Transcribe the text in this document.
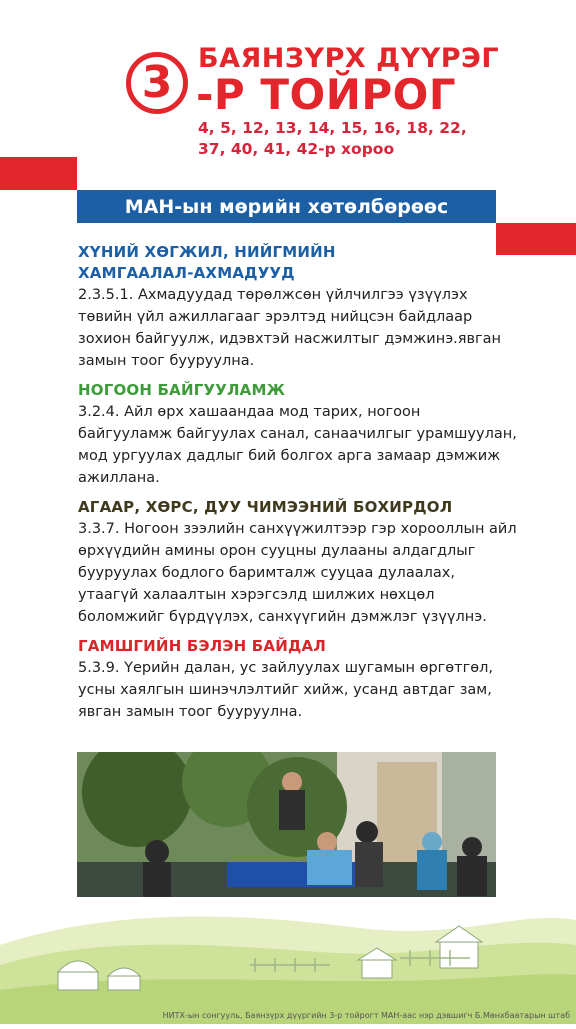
3 БАЯНЗҮРХ ДҮҮРЭГ
-Р ТОЙРОГ
4, 5, 12, 13, 14, 15, 16, 18, 22,
37, 40, 41, 42-р хороо
МАН-ын мөрийн хөтөлбөрөөс
ХҮНИЙ ХӨГЖИЛ, НИЙГМИЙН
ХАМГААЛАЛ-АХМАДУУД
2.3.5.1. Ахмадуудад төрөлжсөн үйлчилгээ үзүүлэх төвийн үйл ажиллагааг эрэлтэд нийцсэн байдлаар зохион байгуулж, идэвхтэй насжилтыг дэмжинэ.явган замын тоог бууруулна.
НОГООН БАЙГУУЛАМЖ
3.2.4. Айл өрх хашаандаа мод тарих, ногоон байгууламж байгуулах санал, санаачилгыг урамшуулан, мод ургуулах дадлыг бий болгох арга замаар дэмжиж ажиллана.
АГААР, ХӨРС, ДУУ ЧИМЭЭНИЙ БОХИРДОЛ
3.3.7. Ногоон зээлийн санхүүжилтээр гэр хорооллын айл өрхүүдийн амины орон сууцны дулааны алдагдлыг бууруулах бодлого баримталж сууцаа дулаалах, утаагүй халаалтын хэрэгсэлд шилжих нөхцөл боломжийг бүрдүүлэх, санхүүгийн дэмжлэг үзүүлнэ.
ГАМШГИЙН БЭЛЭН БАЙДАЛ
5.3.9. Үерийн далан, ус зайлуулах шугамын өргөтгөл, усны хаялгын шинэчлэлтийг хийж, усанд автдаг зам, явган замын тоог бууруулна.
НИТХ-ын сонгууль, Баянзүрх дүүргийн 3-р тойрогт МАН-аас нэр дэвшигч Б.Мөнхбаатарын штаб
